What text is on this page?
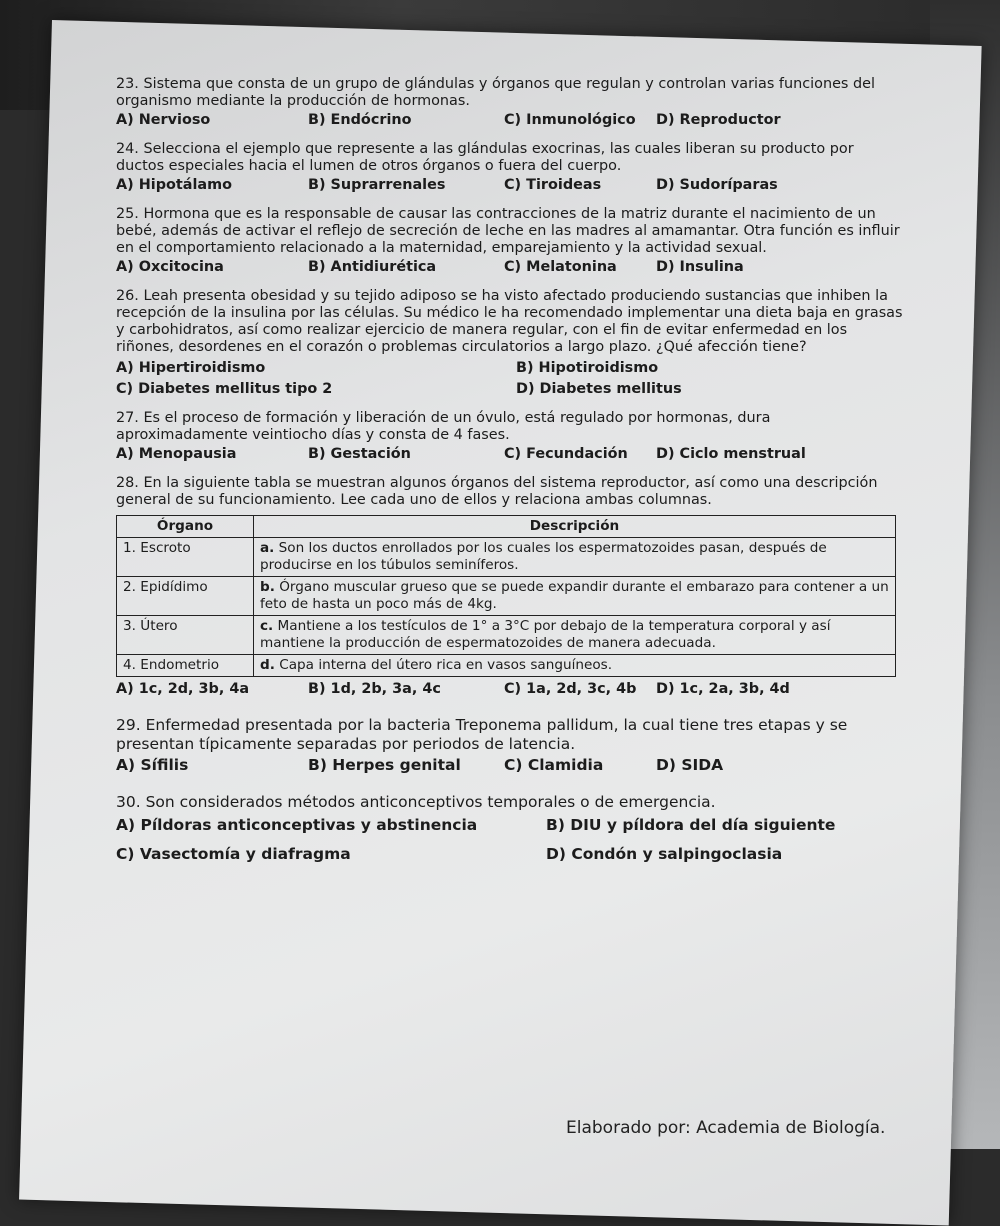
23. Sistema que consta de un grupo de glándulas y órganos que regulan y controlan varias funciones del organismo mediante la producción de hormonas.

A) Nervioso	B) Endócrino	C) Inmunológico	D) Reproductor

24. Selecciona el ejemplo que represente a las glándulas exocrinas, las cuales liberan su producto por ductos especiales hacia el lumen de otros órganos o fuera del cuerpo.

A) Hipotálamo	B) Suprarrenales	C) Tiroideas	D) Sudoríparas

25. Hormona que es la responsable de causar las contracciones de la matriz durante el nacimiento de un bebé, además de activar el reflejo de secreción de leche en las madres al amamantar. Otra función es influir en el comportamiento relacionado a la maternidad, emparejamiento y la actividad sexual.

A) Oxcitocina	B) Antidiurética	C) Melatonina	D) Insulina

26. Leah presenta obesidad y su tejido adiposo se ha visto afectado produciendo sustancias que inhiben la recepción de la insulina por las células. Su médico le ha recomendado implementar una dieta baja en grasas y carbohidratos, así como realizar ejercicio de manera regular, con el fin de evitar enfermedad en los riñones, desordenes en el corazón o problemas circulatorios a largo plazo. ¿Qué afección tiene?

A) Hipertiroidismo	B) Hipotiroidismo
C) Diabetes mellitus tipo 2	D) Diabetes mellitus

27. Es el proceso de formación y liberación de un óvulo, está regulado por hormonas, dura aproximadamente veintiocho días y consta de 4 fases.

A) Menopausia	B) Gestación	C) Fecundación	D) Ciclo menstrual

28. En la siguiente tabla se muestran algunos órganos del sistema reproductor, así como una descripción general de su funcionamiento. Lee cada uno de ellos y relaciona ambas columnas.

Órgano	Descripción
1. Escroto	a. Son los ductos enrollados por los cuales los espermatozoides pasan, después de producirse en los túbulos seminíferos.
2. Epidídimo	b. Órgano muscular grueso que se puede expandir durante el embarazo para contener a un feto de hasta un poco más de 4kg.
3. Útero	c. Mantiene a los testículos de 1° a 3°C por debajo de la temperatura corporal y así mantiene la producción de espermatozoides de manera adecuada.
4. Endometrio	d. Capa interna del útero rica en vasos sanguíneos.
A) 1c, 2d, 3b, 4a	B) 1d, 2b, 3a, 4c	C) 1a, 2d, 3c, 4b	D) 1c, 2a, 3b, 4d

29. Enfermedad presentada por la bacteria Treponema pallidum, la cual tiene tres etapas y se presentan típicamente separadas por periodos de latencia.

A) Sífilis	B) Herpes genital	C) Clamidia	D) SIDA

30. Son considerados métodos anticonceptivos temporales o de emergencia.

A) Píldoras anticonceptivas y abstinencia	B) DIU y píldora del día siguiente
C) Vasectomía y diafragma	D) Condón y salpingoclasia
Elaborado por: Academia de Biología.
